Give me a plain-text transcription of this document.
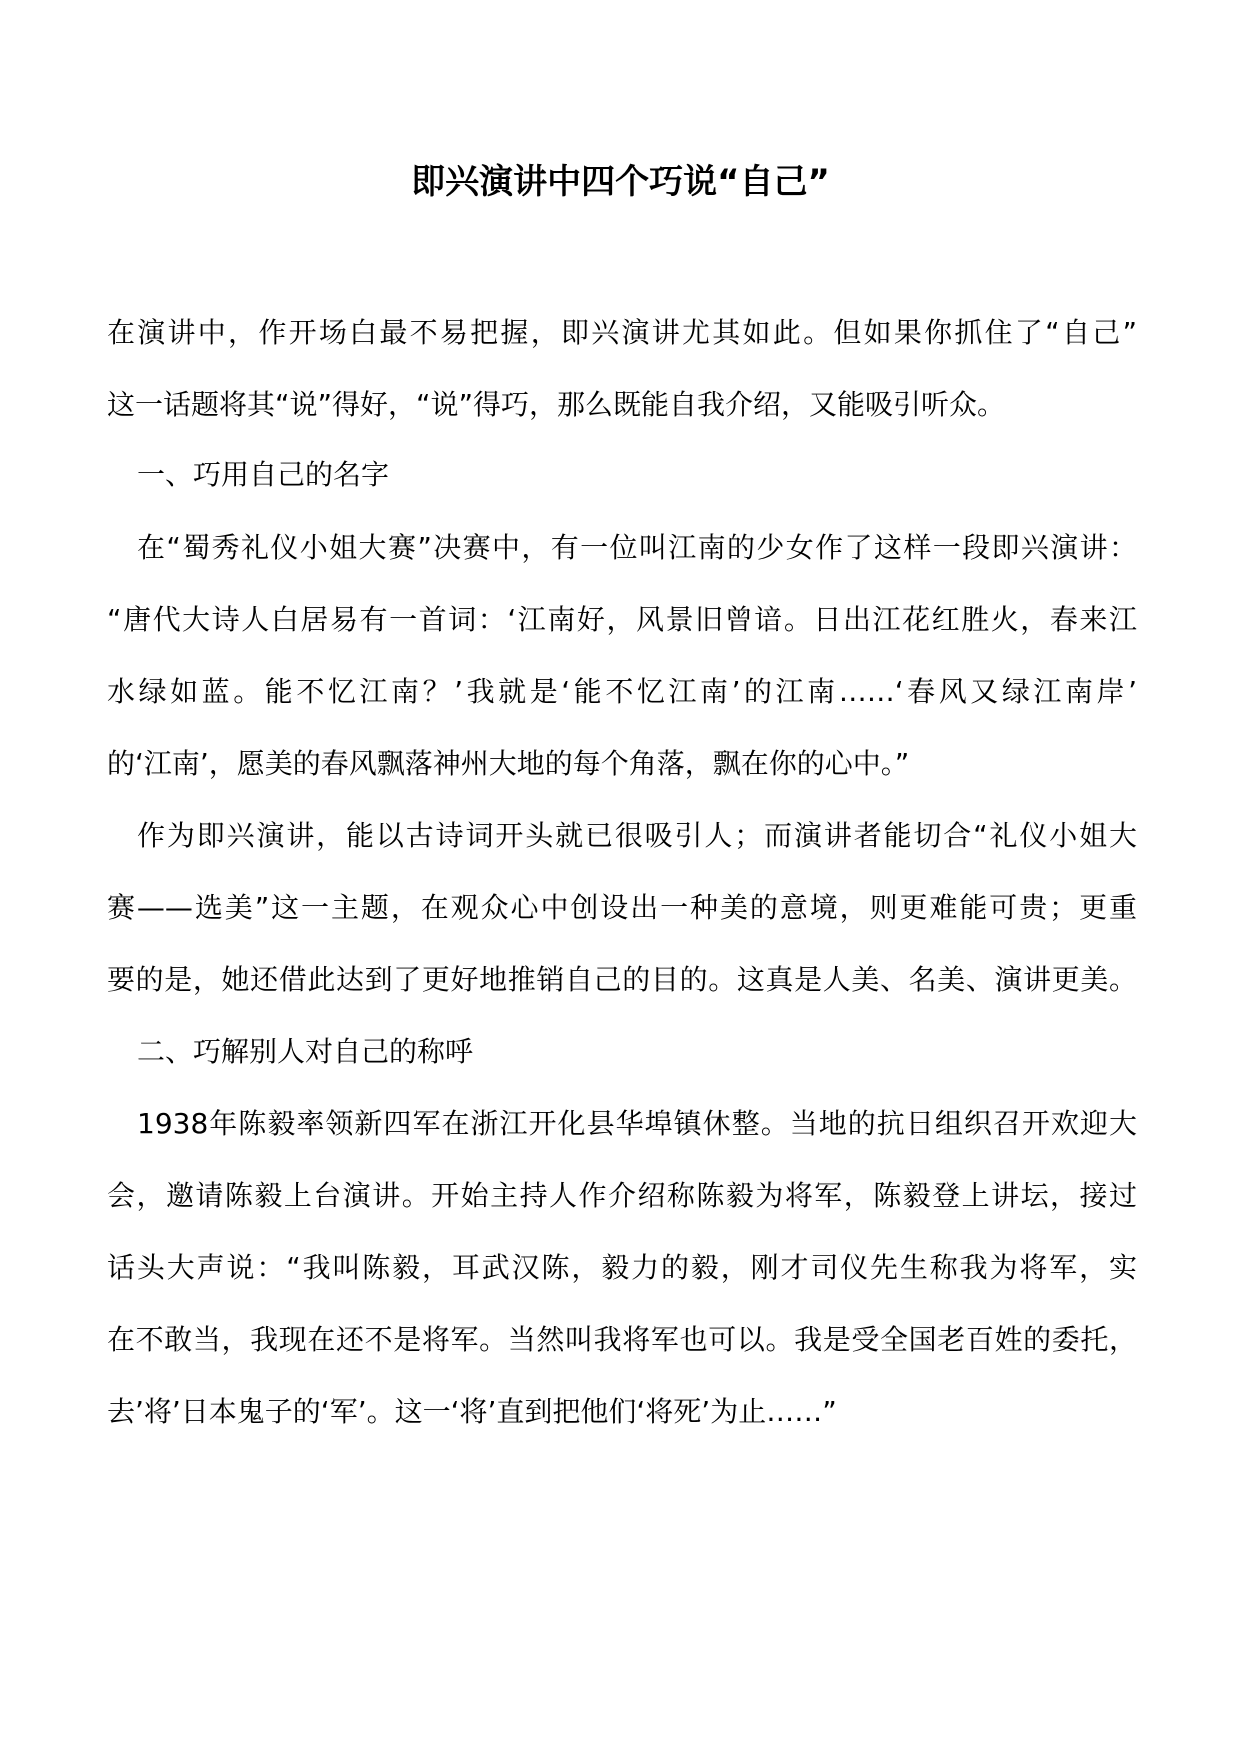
即兴演讲中四个巧说“自己”

在演讲中，作开场白最不易把握，即兴演讲尤其如此。但如果你抓住了“自己”

这一话题将其“说”得好，“说”得巧，那么既能自我介绍，又能吸引听众。

一、巧用自己的名字

在“蜀秀礼仪小姐大赛”决赛中，有一位叫江南的少女作了这样一段即兴演讲：

“唐代大诗人白居易有一首词：‘江南好，风景旧曾谙。日出江花红胜火，春来江

水绿如蓝。能不忆江南？’我就是‘能不忆江南’的江南……‘春风又绿江南岸’

的‘江南’，愿美的春风飘落神州大地的每个角落，飘在你的心中。”

作为即兴演讲，能以古诗词开头就已很吸引人；而演讲者能切合“礼仪小姐大

赛——选美”这一主题，在观众心中创设出一种美的意境，则更难能可贵；更重

要的是，她还借此达到了更好地推销自己的目的。这真是人美、名美、演讲更美。

二、巧解别人对自己的称呼

1938年陈毅率领新四军在浙江开化县华埠镇休整。当地的抗日组织召开欢迎大

会，邀请陈毅上台演讲。开始主持人作介绍称陈毅为将军，陈毅登上讲坛，接过

话头大声说：“我叫陈毅，耳武汉陈，毅力的毅，刚才司仪先生称我为将军，实

在不敢当，我现在还不是将军。当然叫我将军也可以。我是受全国老百姓的委托，

去’将’日本鬼子的‘军’。这一‘将’直到把他们‘将死’为止……”
